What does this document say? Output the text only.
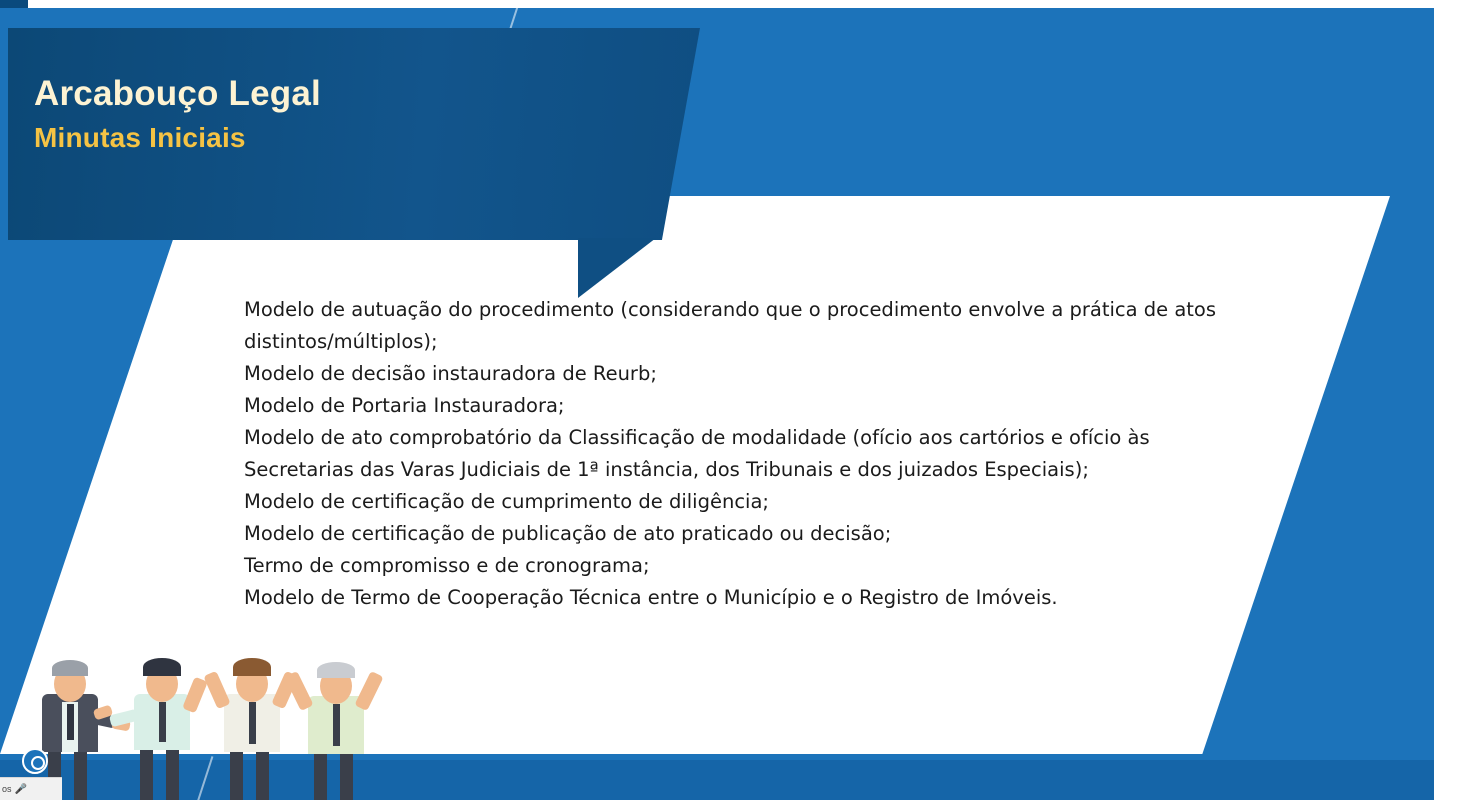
Arcabouço Legal
Minutas Iniciais

Modelo de autuação do procedimento (considerando que o procedimento envolve a prática de atos distintos/múltiplos);

Modelo de decisão instauradora de Reurb;

Modelo de Portaria Instauradora;

Modelo de ato comprobatório da Classificação de modalidade (ofício aos cartórios e ofício às Secretarias das Varas Judiciais de 1ª instância, dos Tribunais e dos juizados Especiais);

Modelo de certificação de cumprimento de diligência;

Modelo de certificação de publicação de ato praticado ou decisão;

Termo de compromisso e de cronograma;

Modelo de Termo de Cooperação Técnica entre o Município e o Registro de Imóveis.

os 🎤
